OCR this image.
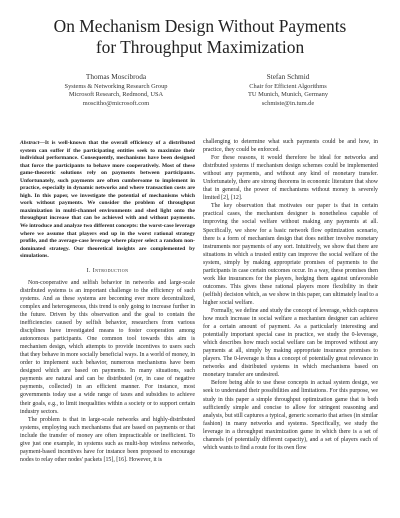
On Mechanism Design Without Payments
for Throughput Maximization
Thomas Moscibroda
Systems & Networking Research Group
Microsoft Research, Redmond, USA
moscitho@microsoft.com
Stefan Schmid
Chair for Efficient Algorithms
TU Munich, Munich, Germany
schmiste@in.tum.de
Abstract—It is well-known that the overall efficiency of a distributed system can suffer if the participating entities seek to maximize their individual performance. Consequently, mechanisms have been designed that force the participants to behave more cooperatively. Most of these game-theoretic solutions rely on payments between participants. Unfortunately, such payments are often cumbersome to implement in practice, especially in dynamic networks and where transaction costs are high. In this paper, we investigate the potential of mechanisms which work without payments. We consider the problem of throughput maximization in multi-channel environments and shed light onto the throughput increase that can be achieved with and without payments. We introduce and analyze two different concepts: the worst-case leverage where we assume that players end up in the worst rational strategy profile, and the average-case leverage where player select a random non-dominated strategy. Our theoretical insights are complemented by simulations.
I. Introduction

Non-cooperative and selfish behavior in networks and large-scale distributed systems is an important challenge to the efficiency of such systems. And as these systems are becoming ever more decentralized, complex and heterogeneous, this trend is only going to increase further in the future. Driven by this observation and the goal to contain the inefficiencies caused by selfish behavior, researchers from various disciplines have investigated means to foster cooperation among autonomous participants. One common tool towards this aim is mechanism design, which attempts to provide incentives to users such that they behave in more socially beneficial ways. In a world of money, in order to implement such behavior, numerous mechanisms have been designed which are based on payments. In many situations, such payments are natural and can be distributed (or, in case of negative payments, collected) in an efficient manner. For instance, most governments today use a wide range of taxes and subsidies to achieve their goals, e.g., to limit inequalities within a society or to support certain industry sectors.

The problem is that in large-scale networks and highly-distributed systems, employing such mechanisms that are based on payments or that include the transfer of money are often impracticable or inefficient. To give just one example, in systems such as multi-hop wireless networks, payment-based incentives have for instance been proposed to encourage nodes to relay other nodes' packets [15], [16]. However, it is

challenging to determine what such payments could be and how, in practice, they could be enforced.

For these reasons, it would therefore be ideal for networks and distributed systems if mechanism design schemes could be implemented without any payments, and without any kind of monetary transfer. Unfortunately, there are strong theorems in economic literature that show that in general, the power of mechanisms without money is severely limited [2], [12].

The key observation that motivates our paper is that in certain practical cases, the mechanism designer is nonetheless capable of improving the social welfare without making any payments at all. Specifically, we show for a basic network flow optimization scenario, there is a form of mechanism design that does neither involve monetary instruments nor payments of any sort. Intuitively, we show that there are situations in which a trusted entity can improve the social welfare of the system, simply by making appropriate promises of payments to the participants in case certain outcomes occur. In a way, these promises then work like insurances for the players, hedging them against unfavorable outcomes. This gives these rational players more flexibility in their (selfish) decision which, as we show in this paper, can ultimately lead to a higher social welfare.

Formally, we define and study the concept of leverage, which captures how much increase in social welfare a mechanism designer can achieve for a certain amount of payment. As a particularly interesting and potentially important special case in practice, we study the 0-leverage, which describes how much social welfare can be improved without any payments at all, simply by making appropriate insurance promises to players. The 0-leverage is thus a concept of potentially great relevance in networks and distributed systems in which mechanisms based on monetary transfer are undesired.

Before being able to use these concepts in actual system design, we seek to understand their possibilities and limitations. For this purpose, we study in this paper a simple throughput optimization game that is both sufficiently simple and concise to allow for stringent reasoning and analysis, but still captures a typical, generic scenario that arises (in similar fashion) in many networks and systems. Specifically, we study the leverage in a throughput maximization game in which there is a set of channels (of potentially different capacity), and a set of players each of which wants to find a route for its own flow
